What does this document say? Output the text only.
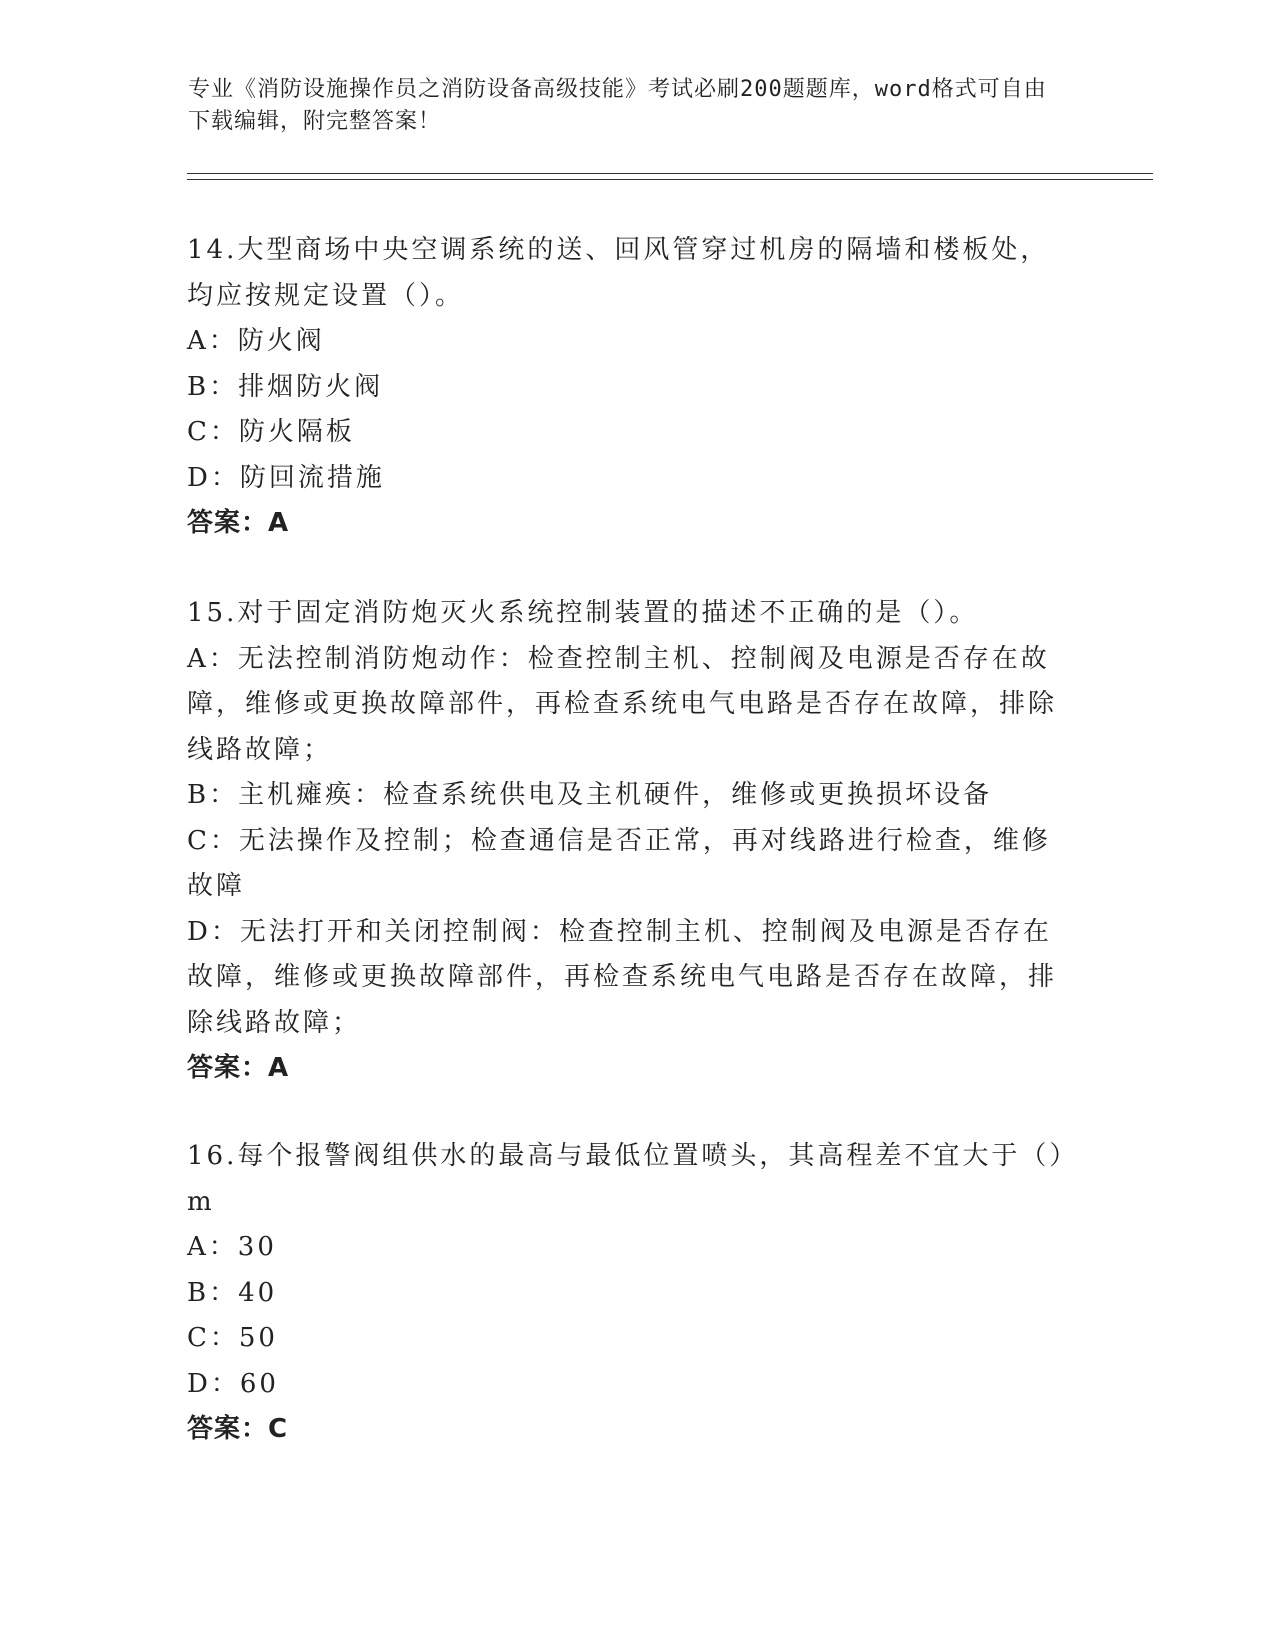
专业《消防设施操作员之消防设备高级技能》考试必刷200题题库，word格式可自由下载编辑，附完整答案！

14.大型商场中央空调系统的送、回风管穿过机房的隔墙和楼板处，均应按规定设置（）。

A：防火阀

B：排烟防火阀

C：防火隔板

D：防回流措施

答案：A

15.对于固定消防炮灭火系统控制装置的描述不正确的是（）。

A：无法控制消防炮动作：检查控制主机、控制阀及电源是否存在故障，维修或更换故障部件，再检查系统电气电路是否存在故障，排除线路故障；

B：主机瘫痪：检查系统供电及主机硬件，维修或更换损坏设备

C：无法操作及控制；检查通信是否正常，再对线路进行检查，维修故障

D：无法打开和关闭控制阀：检查控制主机、控制阀及电源是否存在故障，维修或更换故障部件，再检查系统电气电路是否存在故障，排除线路故障；

答案：A

16.每个报警阀组供水的最高与最低位置喷头，其高程差不宜大于（）m

A：30

B：40

C：50

D：60

答案：C
